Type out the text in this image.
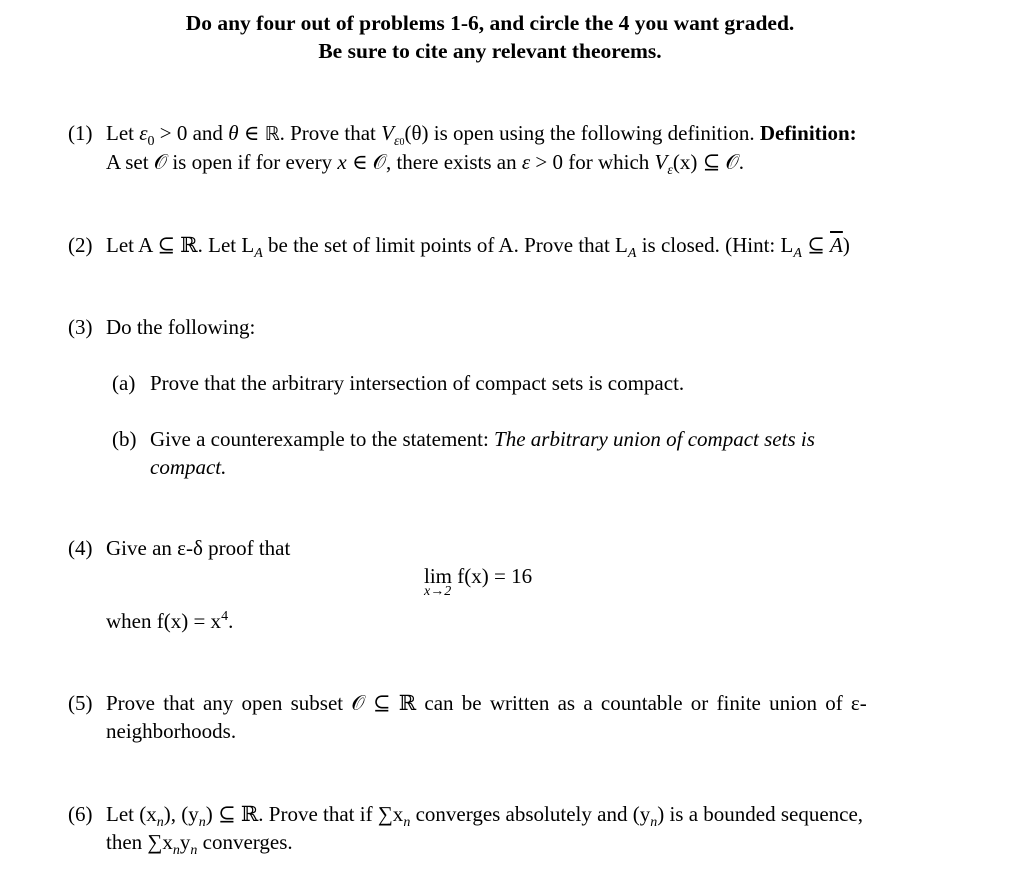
Do any four out of problems 1-6, and circle the 4 you want graded.
Be sure to cite any relevant theorems.
(1) Let $\varepsilon_0 > 0$ and θ ∈ ℝ. Prove that $V_{\varepsilon 0}(\theta)$ is open using the following definition. Definition:
A set 𝒪 is open if for every x ∈ 𝒪, there exists an ε > 0 for which $V_\varepsilon(x)$ ⊆ 𝒪.
(2) Let A ⊆ ℝ. Let $L_A$ be the set of limit points of A. Prove that $L_A$ is closed. (Hint: $L_A$ ⊆ $\overline{A}$)
(3) Do the following:
(a) Prove that the arbitrary intersection of compact sets is compact.
(b) Give a counterexample to the statement: The arbitrary union of compact sets is
compact.
(4) Give an ε-δ proof that
lim
x→2
f(x) = 16
when $f(x) = x^4$.
(5) Prove that any open subset 𝒪 ⊆ ℝ can be written as a countable or finite union of ε-
neighborhoods.
(6) Let $(x_n)$, $(y_n)$ ⊆ ℝ. Prove that if $\sum x_n$ converges absolutely and $(y_n)$ is a bounded sequence,
then $\sum x_ny_n$ converges.
